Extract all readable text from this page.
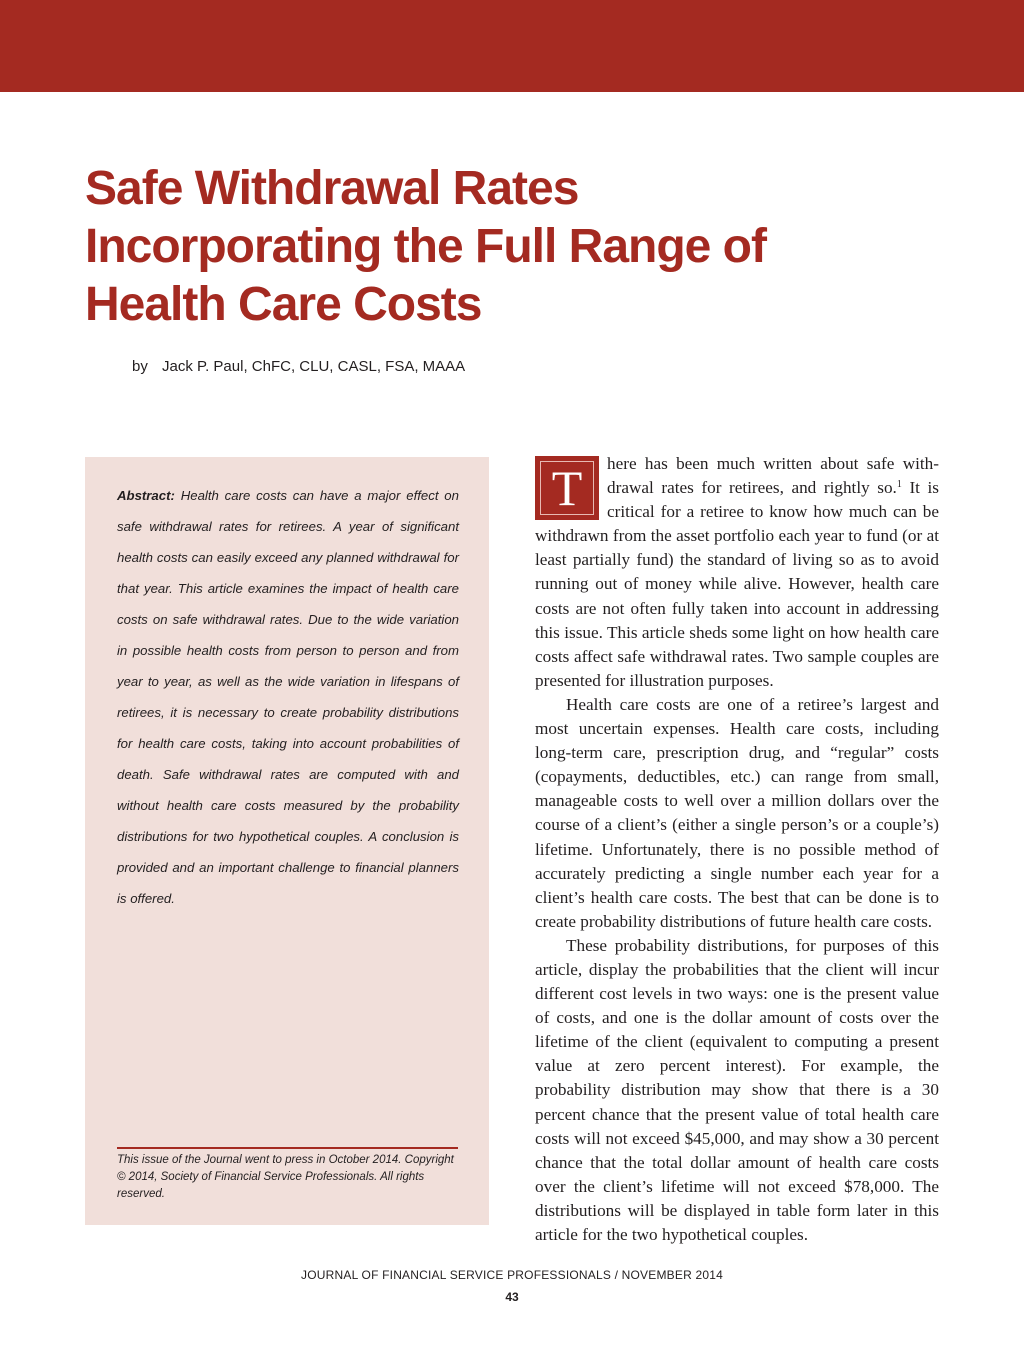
Safe Withdrawal Rates
Incorporating the Full Range of
Health Care Costs
by Jack P. Paul, ChFC, CLU, CASL, FSA, MAAA

Abstract: Health care costs can have a major effect on safe withdrawal rates for retirees. A year of significant health costs can easily exceed any planned withdrawal for that year. This article examines the impact of health care costs on safe withdrawal rates. Due to the wide variation in possible health costs from person to person and from year to year, as well as the wide variation in lifespans of retirees, it is necessary to create probability distributions for health care costs, taking into account probabilities of death. Safe withdrawal rates are computed with and without health care costs measured by the probability distributions for two hypothetical couples. A conclusion is provided and an important challenge to financial planners is offered.

This issue of the Journal went to press in October 2014. Copyright © 2014, Society of Financial Service Professionals. All rights reserved.

T	here has been much written about safe withdrawal rates for retirees, and rightly so.$^1$ It is critical for a retiree to know how much can be withdrawn from the asset portfolio each year to fund (or at least partially fund) the standard of living so as to avoid running out of money while alive. However, health care costs are not often fully taken into account in addressing this issue. This article sheds some light on how health care costs affect safe withdrawal rates. Two sample couples are presented for illustration purposes.

Health care costs are one of a retiree’s largest and most uncertain expenses. Health care costs, including long-term care, prescription drug, and “regular” costs (copayments, deductibles, etc.) can range from small, manageable costs to well over a million dollars over the course of a client’s (either a single person’s or a couple’s) lifetime. Unfortunately, there is no possible method of accurately predicting a single number each year for a client’s health care costs. The best that can be done is to create probability distributions of future health care costs.

These probability distributions, for purposes of this article, display the probabilities that the client will incur different cost levels in two ways: one is the present value of costs, and one is the dollar amount of costs over the lifetime of the client (equivalent to computing a present value at zero percent interest). For example, the probability distribution may show that there is a 30 percent chance that the present value of total health care costs will not exceed $45,000, and may show a 30 percent chance that the total dollar amount of health care costs over the client’s lifetime will not exceed $78,000. The distributions will be displayed in table form later in this article for the two hypothetical couples.

JOURNAL OF FINANCIAL SERVICE PROFESSIONALS / NOVEMBER 2014
43
